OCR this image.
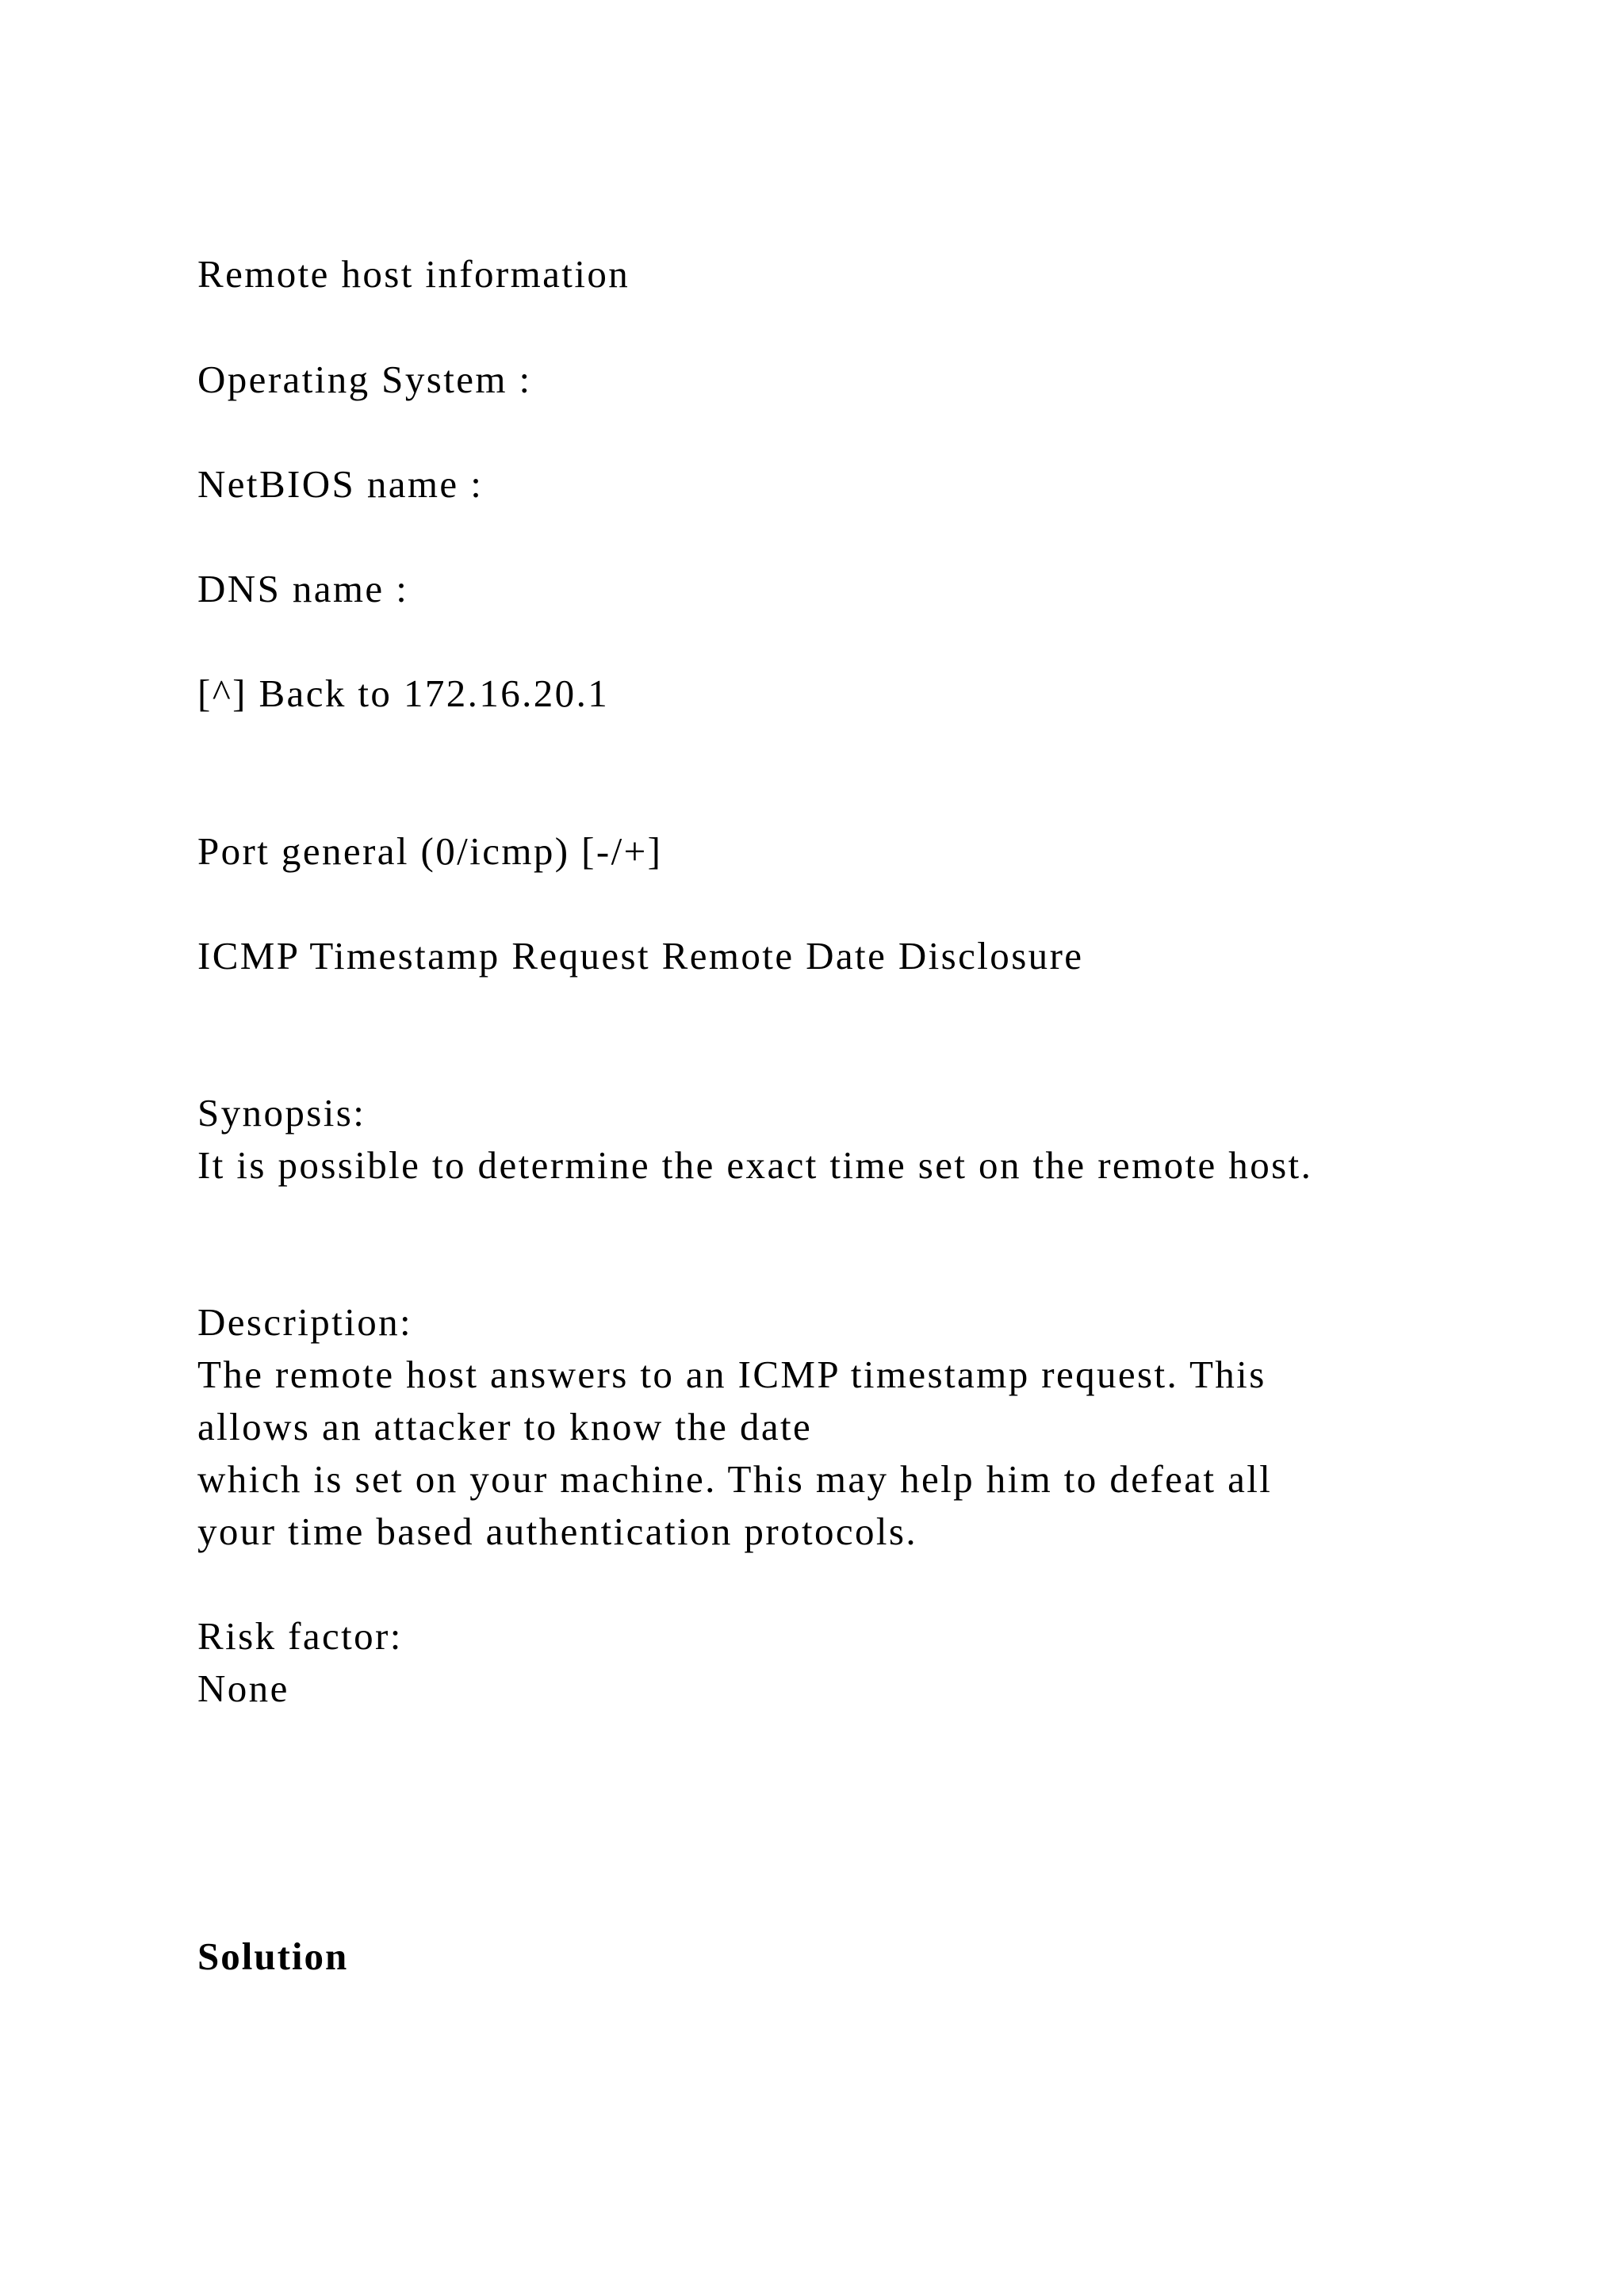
Remote host information

Operating System :

NetBIOS name :

DNS name :

[^] Back to 172.16.20.1

Port general (0/icmp) [-/+]

ICMP Timestamp Request Remote Date Disclosure

Synopsis:

It is possible to determine the exact time set on the remote host.

Description:

The remote host answers to an ICMP timestamp request. This

allows an attacker to know the date

which is set on your machine. This may help him to defeat all

your time based authentication protocols.

Risk factor:

None

Solution
